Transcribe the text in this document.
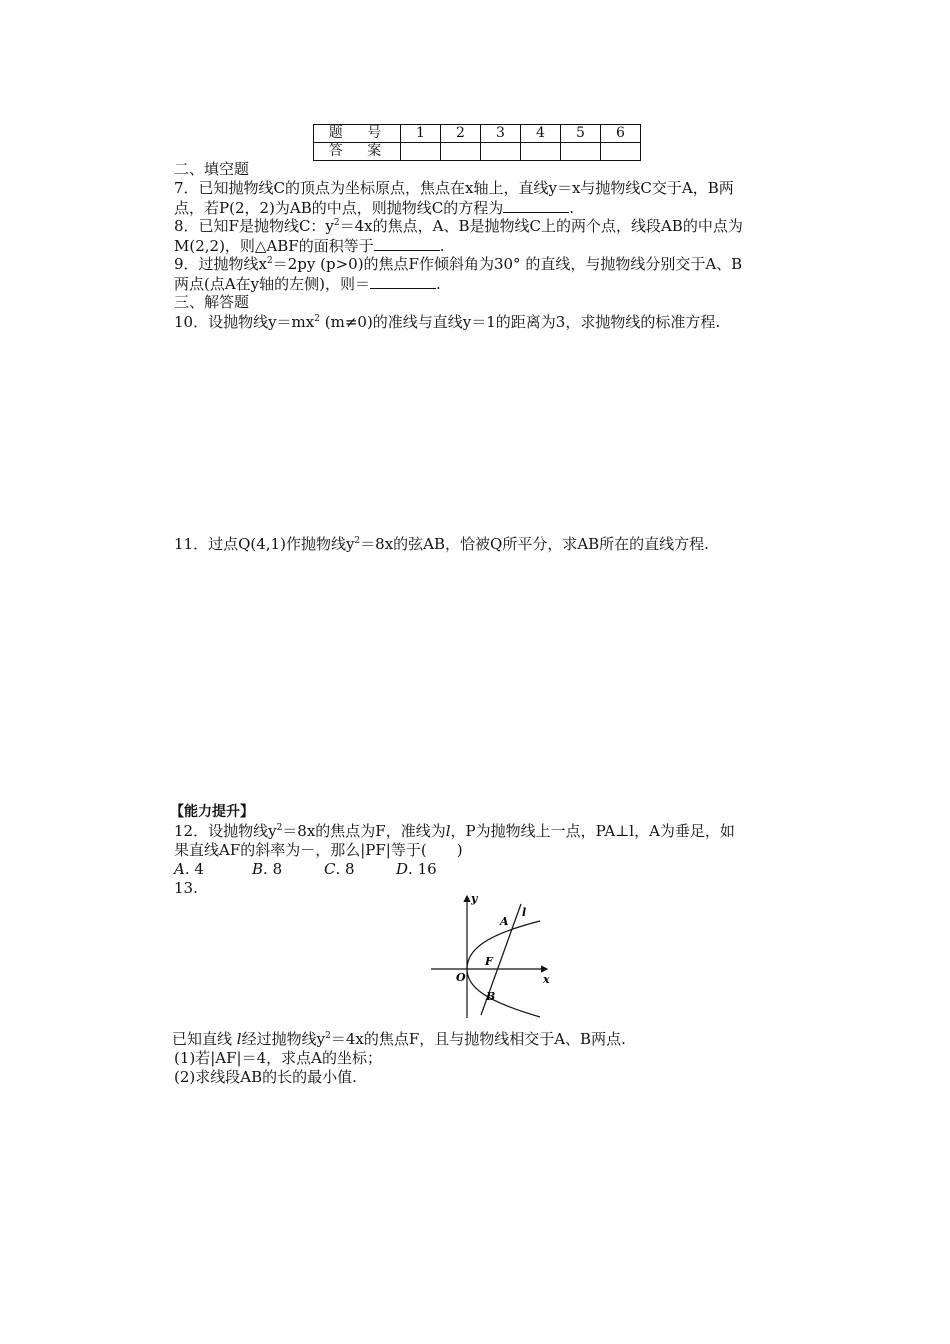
题 号	1	2	3	4	5	6
答 案						
二、填空题
7．已知抛物线C的顶点为坐标原点，焦点在x轴上，直线y＝x与抛物线C交于A，B两
点，若P(2，2)为AB的中点，则抛物线C的方程为	.
8．已知F是抛物线C：$y^2=4x$的焦点，A、B是抛物线C上的两个点，线段AB的中点为
M(2,2)，则△ABF的面积等于	.
9．过抛物线$x^2=2py$ (p>0)的焦点F作倾斜角为30° 的直线，与抛物线分别交于A、B
两点(点A在y轴的左侧)，则＝	.
三、解答题
10．设抛物线$y=mx^2$ (m≠0)的准线与直线y＝1的距离为3，求抛物线的标准方程.
11．过点Q(4,1)作抛物线$y^2=8x$的弦AB，恰被Q所平分，求AB所在的直线方程.
【能力提升】
12．设抛物线$y^2=8x$的焦点为F，准线为l，P为抛物线上一点，PA⊥l，A为垂足，如
果直线AF的斜率为－，那么|PF|等于(　　)
A. 4	B. 8	C. 8	D. 16
13.
y
x
O
A
l
F
B
已知直线 l经过抛物线$y^2=4x$的焦点F，且与抛物线相交于A、B两点.
(1)若|AF|＝4，求点A的坐标；
(2)求线段AB的长的最小值.
